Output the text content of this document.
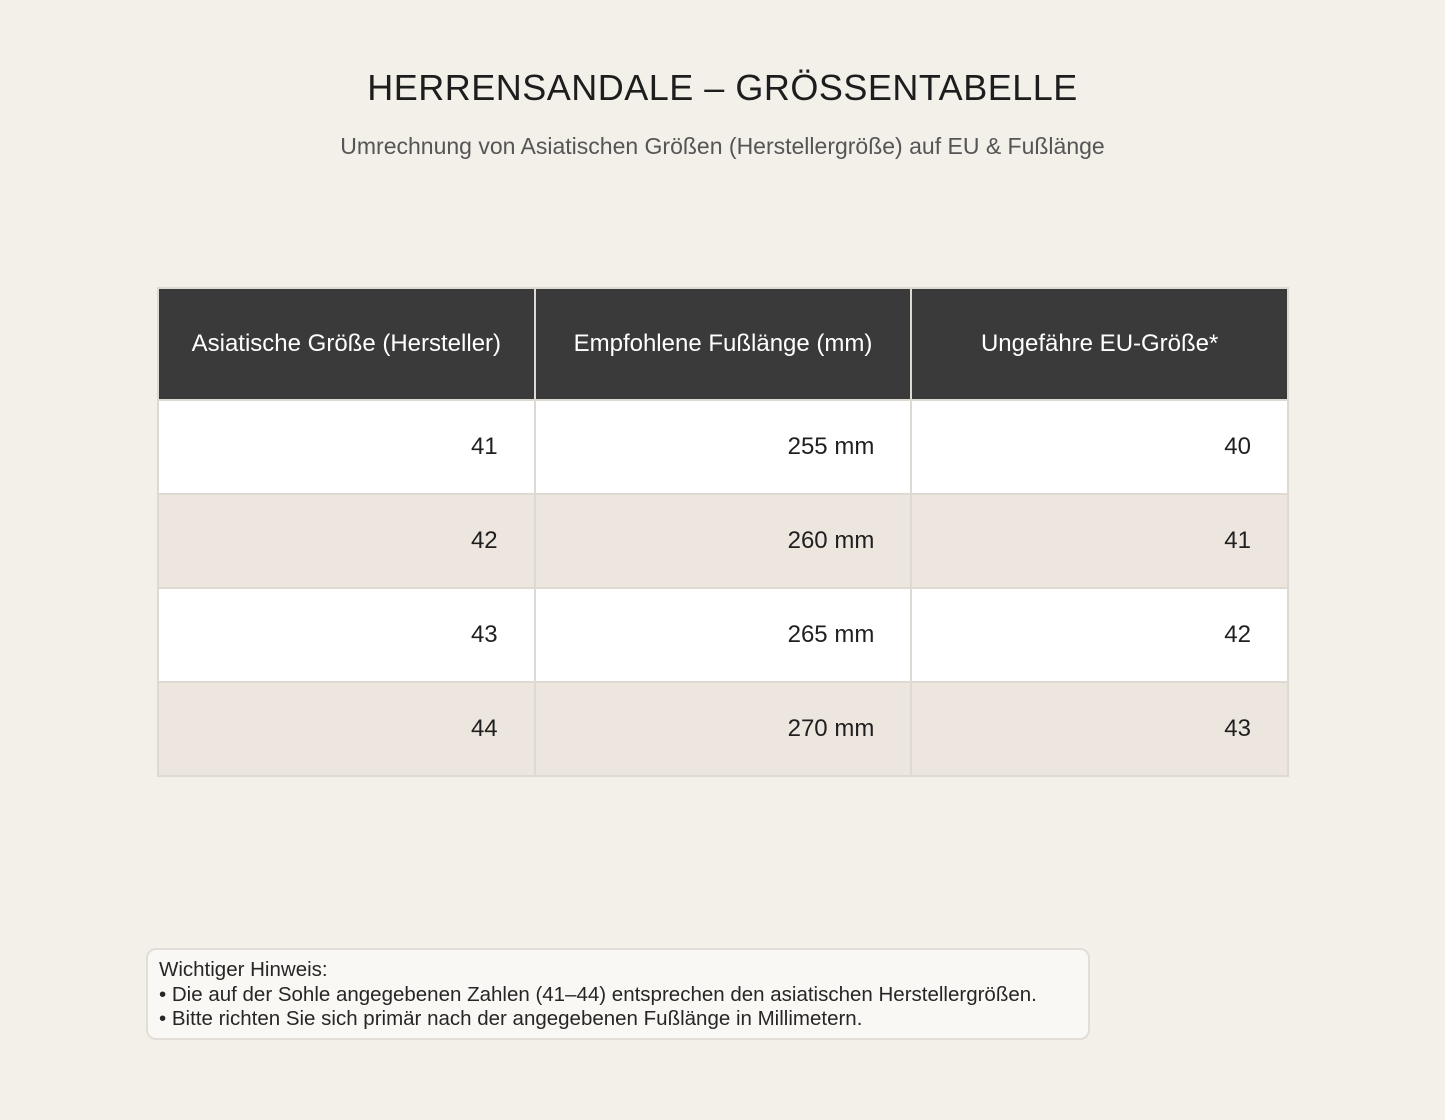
HERRENSANDALE – GRÖSSENTABELLE
Umrechnung von Asiatischen Größen (Herstellergröße) auf EU & Fußlänge
Asiatische Größe (Hersteller)	Empfohlene Fußlänge (mm)	Ungefähre EU-Größe*
41	255 mm	40
42	260 mm	41
43	265 mm	42
44	270 mm	43
Wichtiger Hinweis:
• Die auf der Sohle angegebenen Zahlen (41–44) entsprechen den asiatischen Herstellergrößen.
• Bitte richten Sie sich primär nach der angegebenen Fußlänge in Millimetern.
